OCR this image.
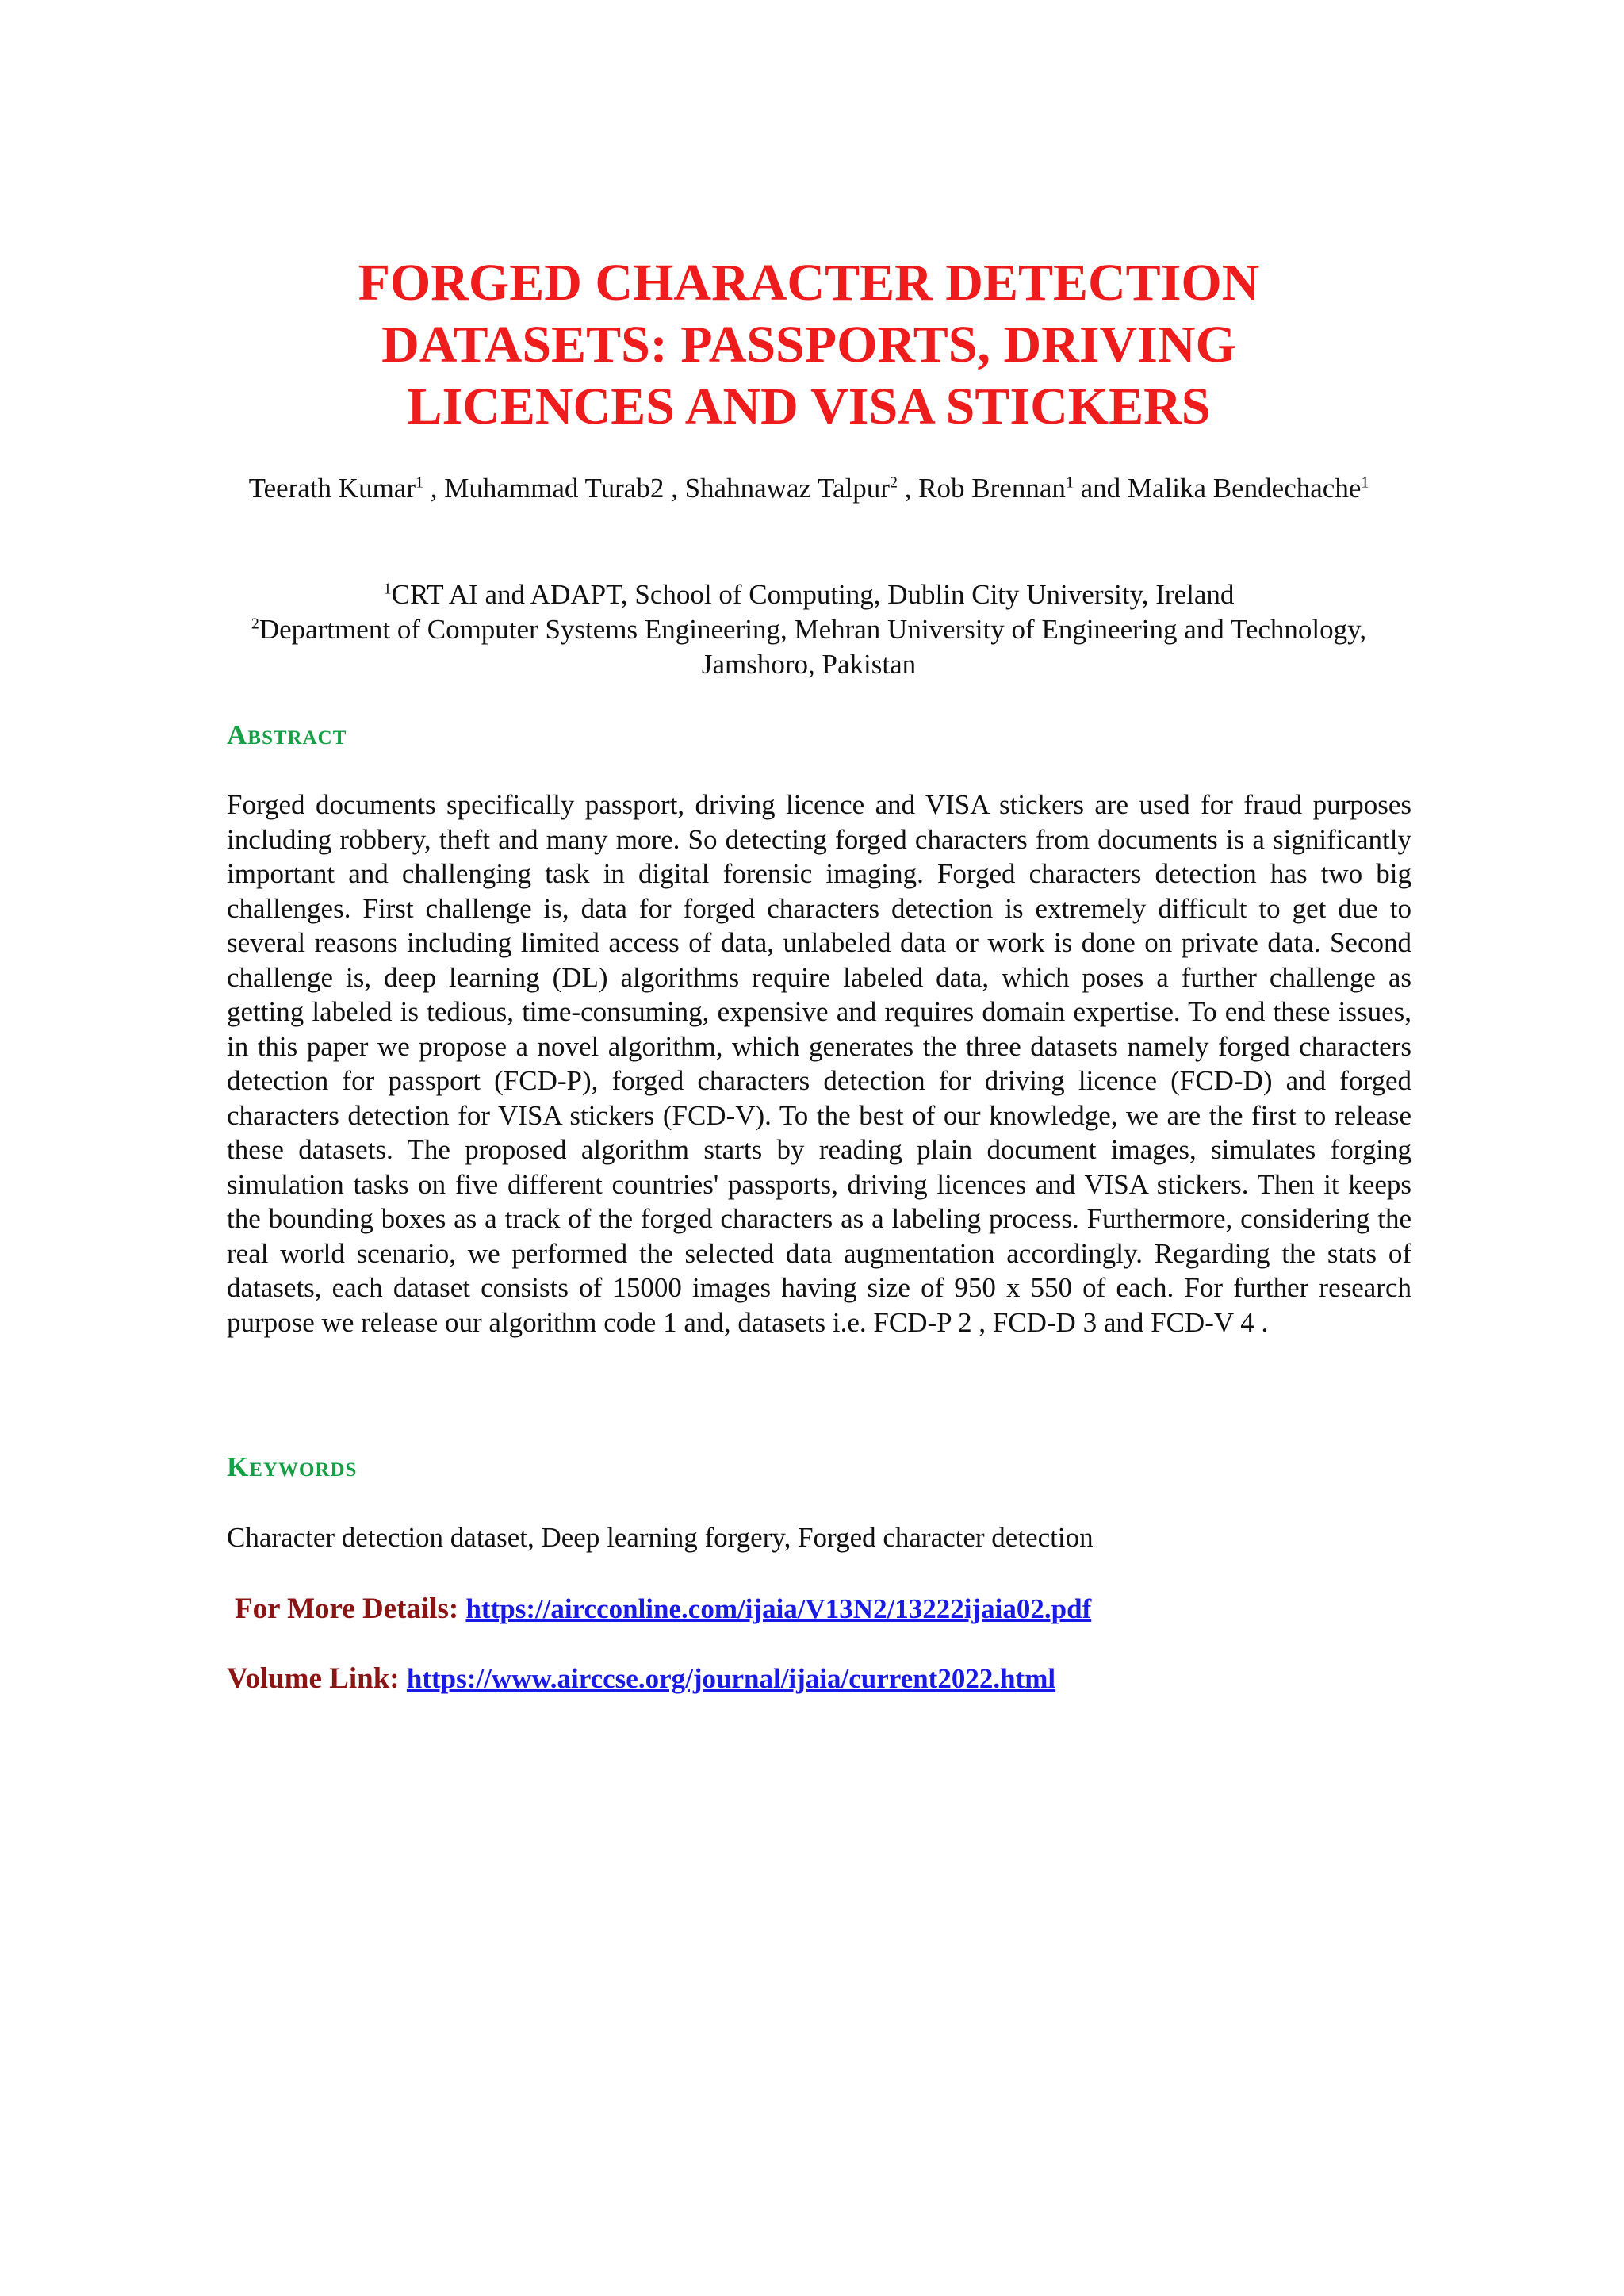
FORGED CHARACTER DETECTION
DATASETS: PASSPORTS, DRIVING
LICENCES AND VISA STICKERS
Teerath Kumar$^1$ , Muhammad Turab2 , Shahnawaz Talpur$^2$ , Rob Brennan$^1$ and Malika Bendechache$^1$
$^1$CRT AI and ADAPT, School of Computing, Dublin City University, Ireland
$^2$Department of Computer Systems Engineering, Mehran University of Engineering and Technology, Jamshoro, Pakistan
Abstract

Forged documents specifically passport, driving licence and VISA stickers are used for fraud purposes including robbery, theft and many more. So detecting forged characters from documents is a significantly important and challenging task in digital forensic imaging. Forged characters detection has two big challenges. First challenge is, data for forged characters detection is extremely difficult to get due to several reasons including limited access of data, unlabeled data or work is done on private data. Second challenge is, deep learning (DL) algorithms require labeled data, which poses a further challenge as getting labeled is tedious, time-consuming, expensive and requires domain expertise. To end these issues, in this paper we propose a novel algorithm, which generates the three datasets namely forged characters detection for passport (FCD-P), forged characters detection for driving licence (FCD-D) and forged characters detection for VISA stickers (FCD-V). To the best of our knowledge, we are the first to release these datasets. The proposed algorithm starts by reading plain document images, simulates forging simulation tasks on five different countries' passports, driving licences and VISA stickers. Then it keeps the bounding boxes as a track of the forged characters as a labeling process. Furthermore, considering the real world scenario, we performed the selected data augmentation accordingly. Regarding the stats of datasets, each dataset consists of 15000 images having size of 950 x 550 of each. For further research purpose we release our algorithm code 1 and, datasets i.e. FCD-P 2 , FCD-D 3 and FCD-V 4 .

Keywords
Character detection dataset, Deep learning forgery, Forged character detection
For More Details: https://aircconline.com/ijaia/V13N2/13222ijaia02.pdf
Volume Link: https://www.airccse.org/journal/ijaia/current2022.html
